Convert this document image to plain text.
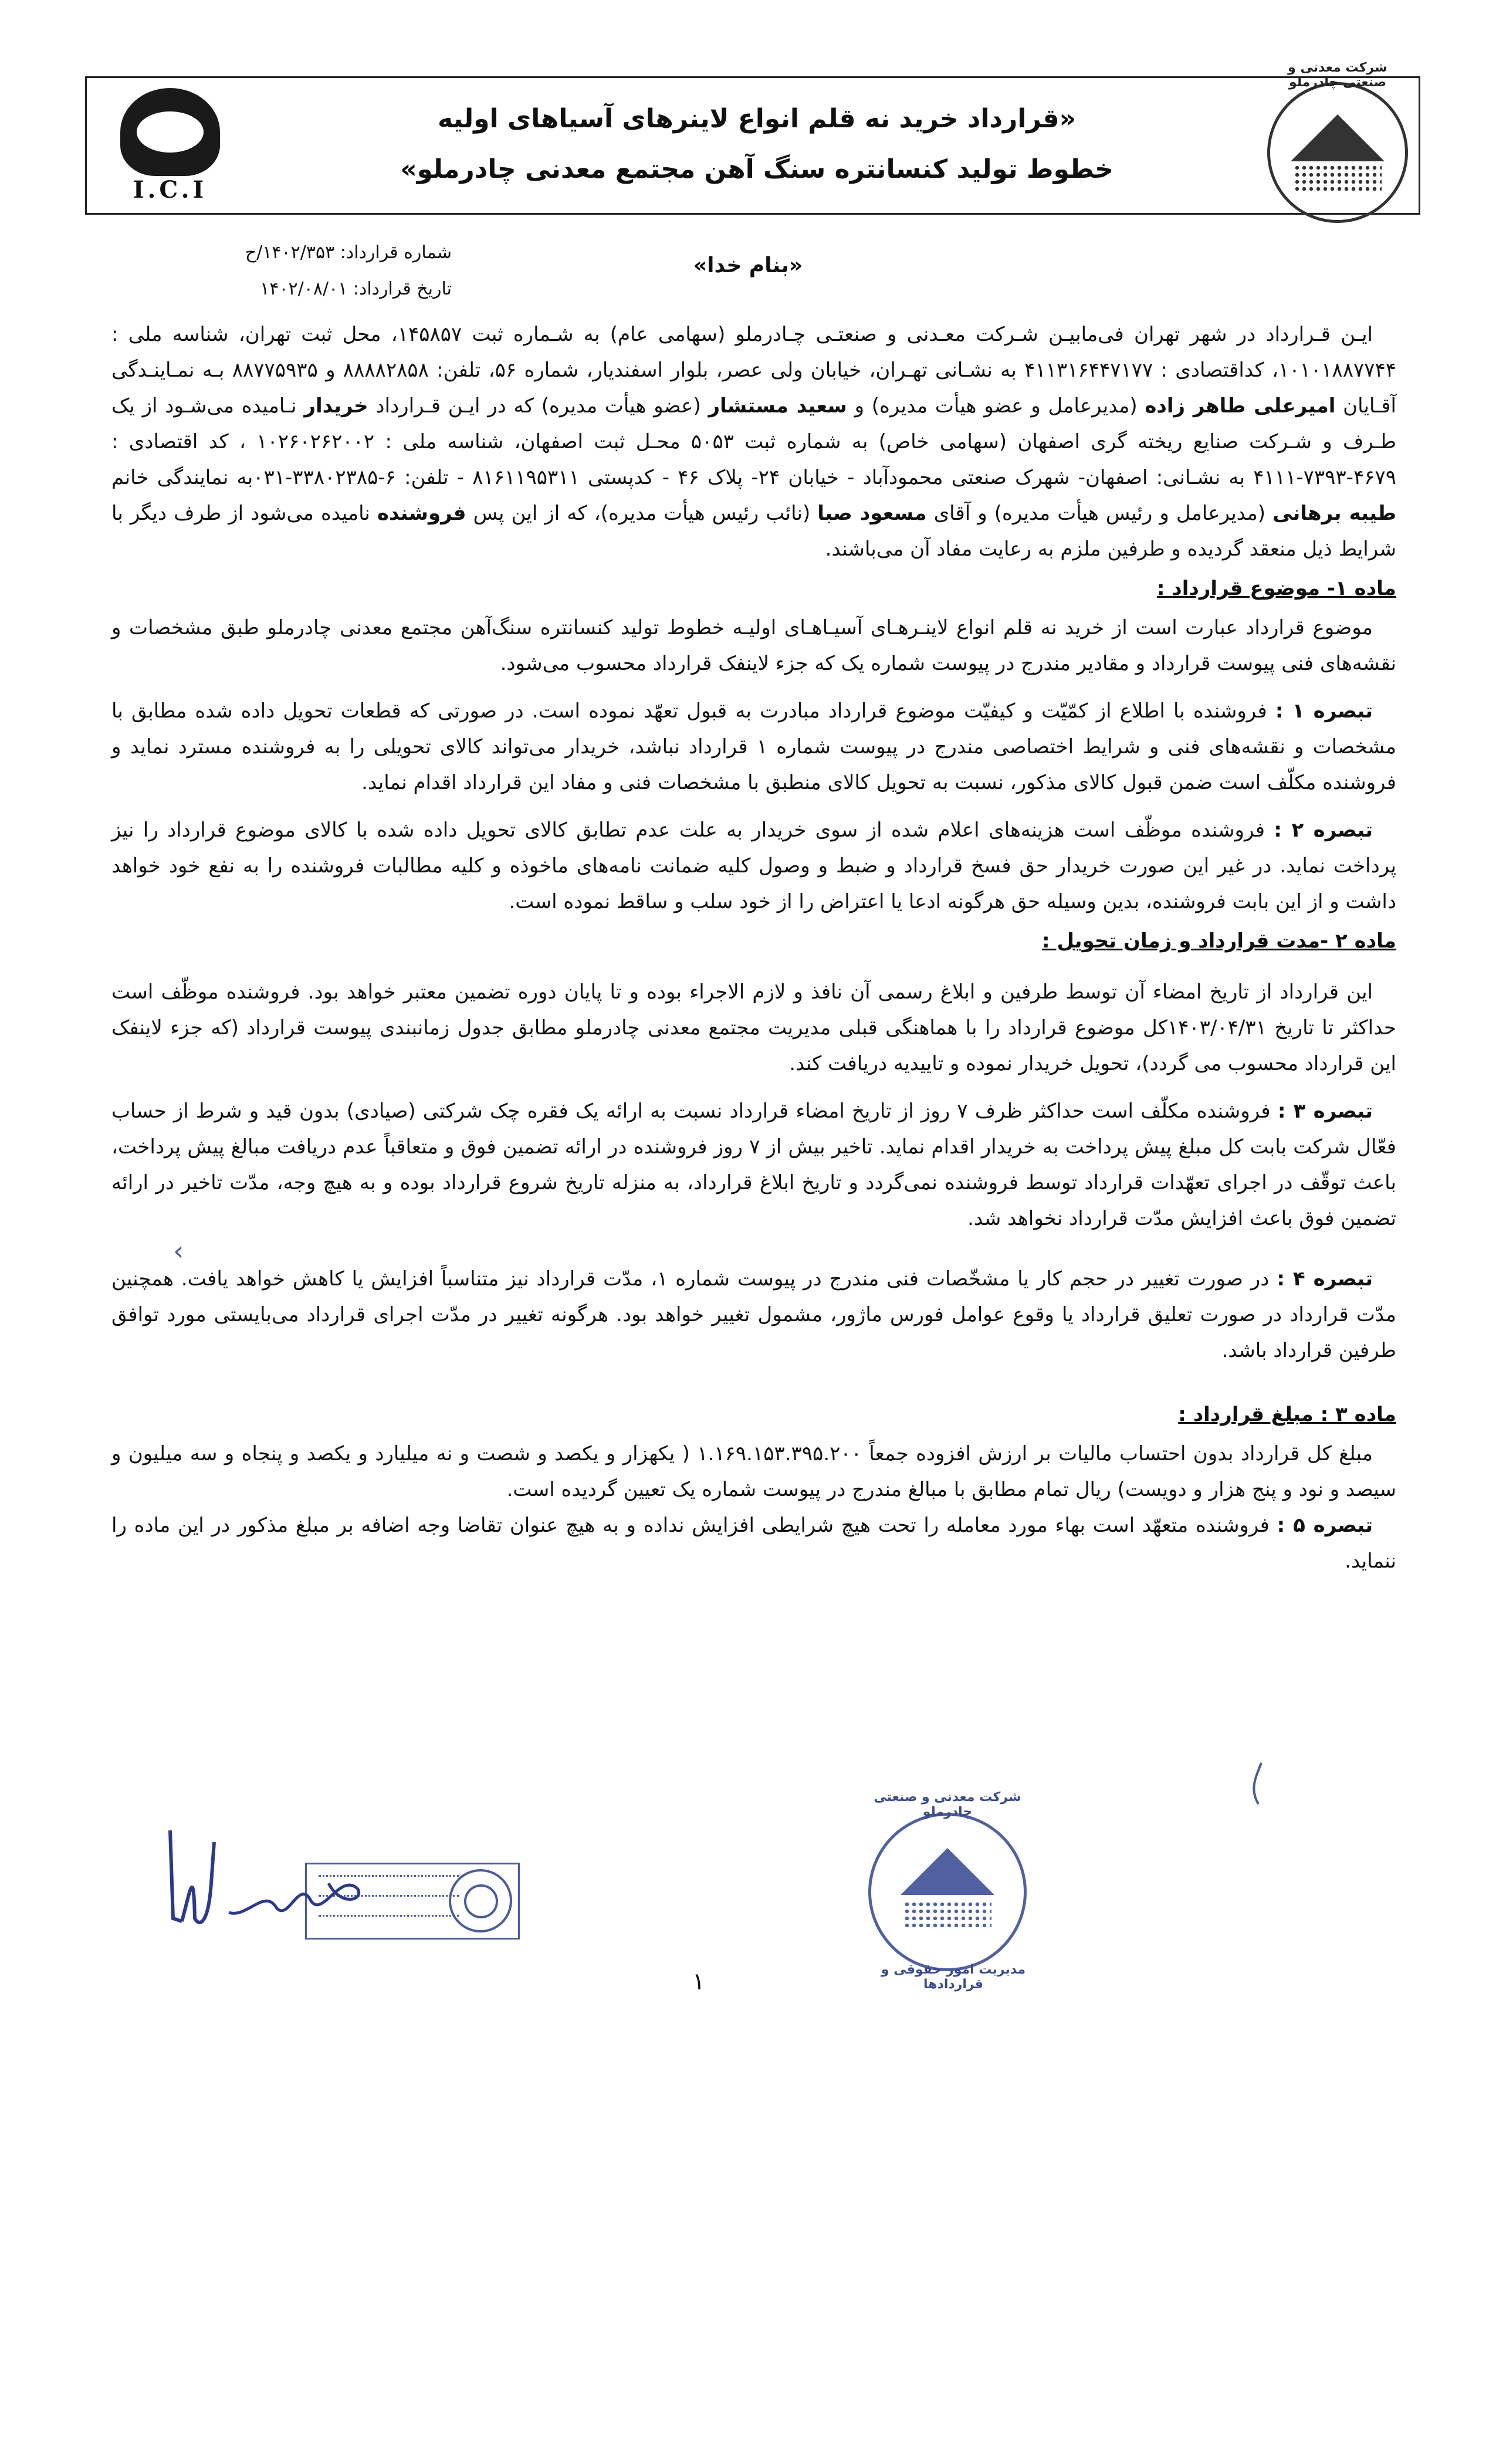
I.C.I
«قرارداد خرید نه قلم انواع لاینرهای آسیاهای اولیه
خطوط تولید کنسانتره سنگ آهن مجتمع معدنی چادرملو»
شرکت معدنی و صنعتی چادرملو
شماره قرارداد: ۱۴۰۲/۳۵۳/ح
تاریخ قرارداد: ۱۴۰۲/۰۸/۰۱
«بنام خدا»

ایـن قـرارداد در شهر تهران فی‌مابیـن شـرکت معـدنی و صنعتـی چـادرملو (سهامی عام) به شـماره ثبت ۱۴۵۸۵۷، محل ثبت تهران، شناسه ملی : ۱۰۱۰۱۸۸۷۷۴۴، کداقتصادی : ۴۱۱۳۱۶۴۴۷۱۷۷ به نشـانی تهـران، خیابان ولی عصر، بلوار اسفندیار، شماره ۵۶، تلفن: ۸۸۸۸۲۸۵۸ و ۸۸۷۷۵۹۳۵ بـه نمـاینـدگی آقـایان امیرعلی طاهر زاده (مدیرعامل و عضو هیأت مدیره) و سعید مستشار (عضو هیأت مدیره) که در ایـن قـرارداد خریدار نـامیده می‌شـود از یک طـرف و شـرکت صنایع ریخته گری اصفهان (سهامی خاص) به شماره ثبت ۵۰۵۳ محـل ثبت اصفهان، شناسه ملی : ۱۰۲۶۰۲۶۲۰۰۲ ، کد اقتصادی : ۴۶۷۹-۷۳۹۳-۴۱۱۱ به نشـانی: اصفهان- شهرک صنعتی محمودآباد - خیابان ۲۴- پلاک ۴۶ - کدپستی ۸۱۶۱۱۹۵۳۱۱ - تلفن: ۶-۳۳۸۰۲۳۸۵-۰۳۱به نمایندگی خانم طیبه برهانی (مدیرعامل و رئیس هیأت مدیره) و آقای مسعود صبا (نائب رئیس هیأت مدیره)، که از این پس فروشنده نامیده می‌شود از طرف دیگر با شرایط ذیل منعقد گردیده و طرفین ملزم به رعایت مفاد آن می‌باشند.

ماده ۱- موضوع قرارداد :

موضوع قرارداد عبارت است از خرید نه قلم انواع لاینـرهـای آسیـاهـای اولیـه خطوط تولید کنسانتره سنگ‌آهن مجتمع معدنی چادرملو طبق مشخصات و نقشه‌های فنی پیوست قرارداد و مقادیر مندرج در پیوست شماره یک که جزء لاینفک قرارداد محسوب می‌شود.

تبصره ۱ : فروشنده با اطلاع از کمّیّت و کیفیّت موضوع قرارداد مبادرت به قبول تعهّد نموده است. در صورتی که قطعات تحویل داده شده مطابق با مشخصات و نقشه‌های فنی و شرایط اختصاصی مندرج در پیوست شماره ۱ قرارداد نباشد، خریدار می‌تواند کالای تحویلی را به فروشنده مسترد نماید و فروشنده مکلّف است ضمن قبول کالای مذکور، نسبت به تحویل کالای منطبق با مشخصات فنی و مفاد این قرارداد اقدام نماید.

تبصره ۲ : فروشنده موظّف است هزینه‌های اعلام شده از سوی خریدار به علت عدم تطابق کالای تحویل داده شده با کالای موضوع قرارداد را نیز پرداخت نماید. در غیر این صورت خریدار حق فسخ قرارداد و ضبط و وصول کلیه ضمانت نامه‌های ماخوذه و کلیه مطالبات فروشنده را به نفع خود خواهد داشت و از این بابت فروشنده، بدین وسیله حق هرگونه ادعا یا اعتراض را از خود سلب و ساقط نموده است.

ماده ۲ -مدت قرارداد و زمان تحویل :

این قرارداد از تاریخ امضاء آن توسط طرفین و ابلاغ رسمی آن نافذ و لازم الاجراء بوده و تا پایان دوره تضمین معتبر خواهد بود. فروشنده موظّف است حداکثر تا تاریخ ۱۴۰۳/۰۴/۳۱کل موضوع قرارداد را با هماهنگی قبلی مدیریت مجتمع معدنی چادرملو مطابق جدول زمانبندی پیوست قرارداد (که جزء لاینفک این قرارداد محسوب می گردد)، تحویل خریدار نموده و تاییدیه دریافت کند.

تبصره ۳ : فروشنده مکلّف است حداکثر ظرف ۷ روز از تاریخ امضاء قرارداد نسبت به ارائه یک فقره چک شرکتی (صیادی) بدون قید و شرط از حساب فعّال شرکت بابت کل مبلغ پیش پرداخت به خریدار اقدام نماید. تاخیر بیش از ۷ روز فروشنده در ارائه تضمین فوق و متعاقباً عدم دریافت مبالغ پیش پرداخت، باعث توقّف در اجرای تعهّدات قرارداد توسط فروشنده نمی‌گردد و تاریخ ابلاغ قرارداد، به منزله تاریخ شروع قرارداد بوده و به هیچ وجه، مدّت تاخیر در ارائه تضمین فوق باعث افزایش مدّت قرارداد نخواهد شد.

تبصره ۴ : در صورت تغییر در حجم کار یا مشخّصات فنی مندرج در پیوست شماره ۱، مدّت قرارداد نیز متناسباً افزایش یا کاهش خواهد یافت. همچنین مدّت قرارداد در صورت تعلیق قرارداد یا وقوع عوامل فورس ماژور، مشمول تغییر خواهد بود. هرگونه تغییر در مدّت اجرای قرارداد می‌بایستی مورد توافق طرفین قرارداد باشد.

ماده ۳ : مبلغ قرارداد :

مبلغ کل قرارداد بدون احتساب مالیات بر ارزش افزوده جمعاً ۱.۱۶۹.۱۵۳.۳۹۵.۲۰۰ ( یکهزار و یکصد و شصت و نه میلیارد و یکصد و پنجاه و سه میلیون و سیصد و نود و پنج هزار و دویست) ریال تمام مطابق با مبالغ مندرج در پیوست شماره یک تعیین گردیده است.

تبصره ۵ : فروشنده متعهّد است بهاء مورد معامله را تحت هیچ شرایطی افزایش نداده و به هیچ عنوان تقاضا وجه اضافه بر مبلغ مذکور در این ماده را ننماید.

‹
شرکت معدنی و صنعتی چادرملو
مدیریت امور حقوقی و قراردادها
۱
